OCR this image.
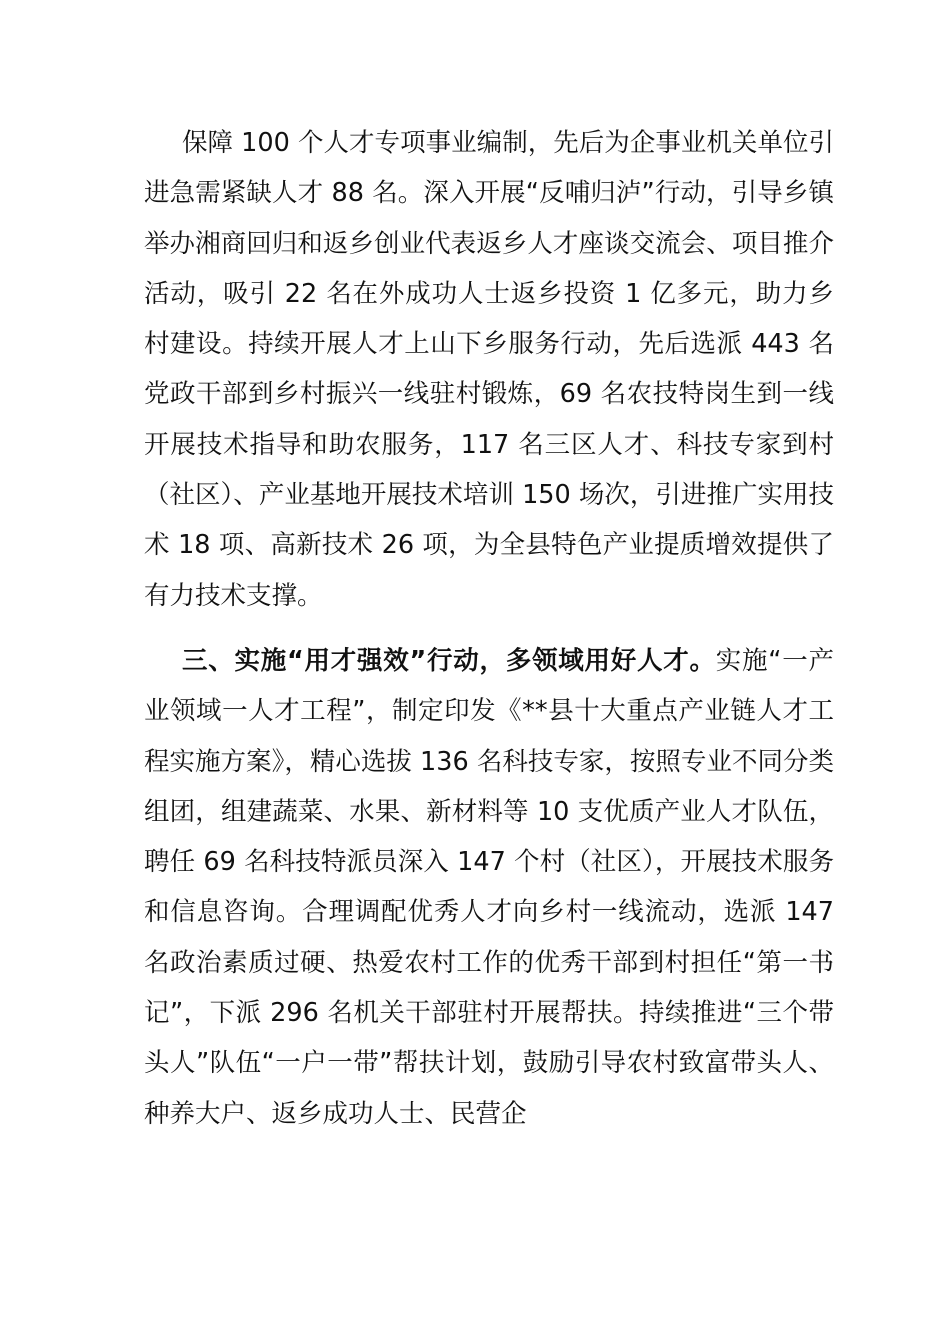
保障 100 个人才专项事业编制，先后为企事业机关单位引进急需紧缺人才 88 名。深入开展“反哺归泸”行动，引导乡镇举办湘商回归和返乡创业代表返乡人才座谈交流会、项目推介活动，吸引 22 名在外成功人士返乡投资 1 亿多元，助力乡村建设。持续开展人才上山下乡服务行动，先后选派 443 名党政干部到乡村振兴一线驻村锻炼，69 名农技特岗生到一线开展技术指导和助农服务，117 名三区人才、科技专家到村（社区）、产业基地开展技术培训 150 场次，引进推广实用技术 18 项、高新技术 26 项，为全县特色产业提质增效提供了有力技术支撑。

三、实施“用才强效”行动，多领域用好人才。实施“一产业领域一人才工程”，制定印发《**县十大重点产业链人才工程实施方案》，精心选拔 136 名科技专家，按照专业不同分类组团，组建蔬菜、水果、新材料等 10 支优质产业人才队伍，聘任 69 名科技特派员深入 147 个村（社区），开展技术服务和信息咨询。合理调配优秀人才向乡村一线流动，选派 147 名政治素质过硬、热爱农村工作的优秀干部到村担任“第一书记”，下派 296 名机关干部驻村开展帮扶。持续推进“三个带头人”队伍“一户一带”帮扶计划，鼓励引导农村致富带头人、种养大户、返乡成功人士、民营企
